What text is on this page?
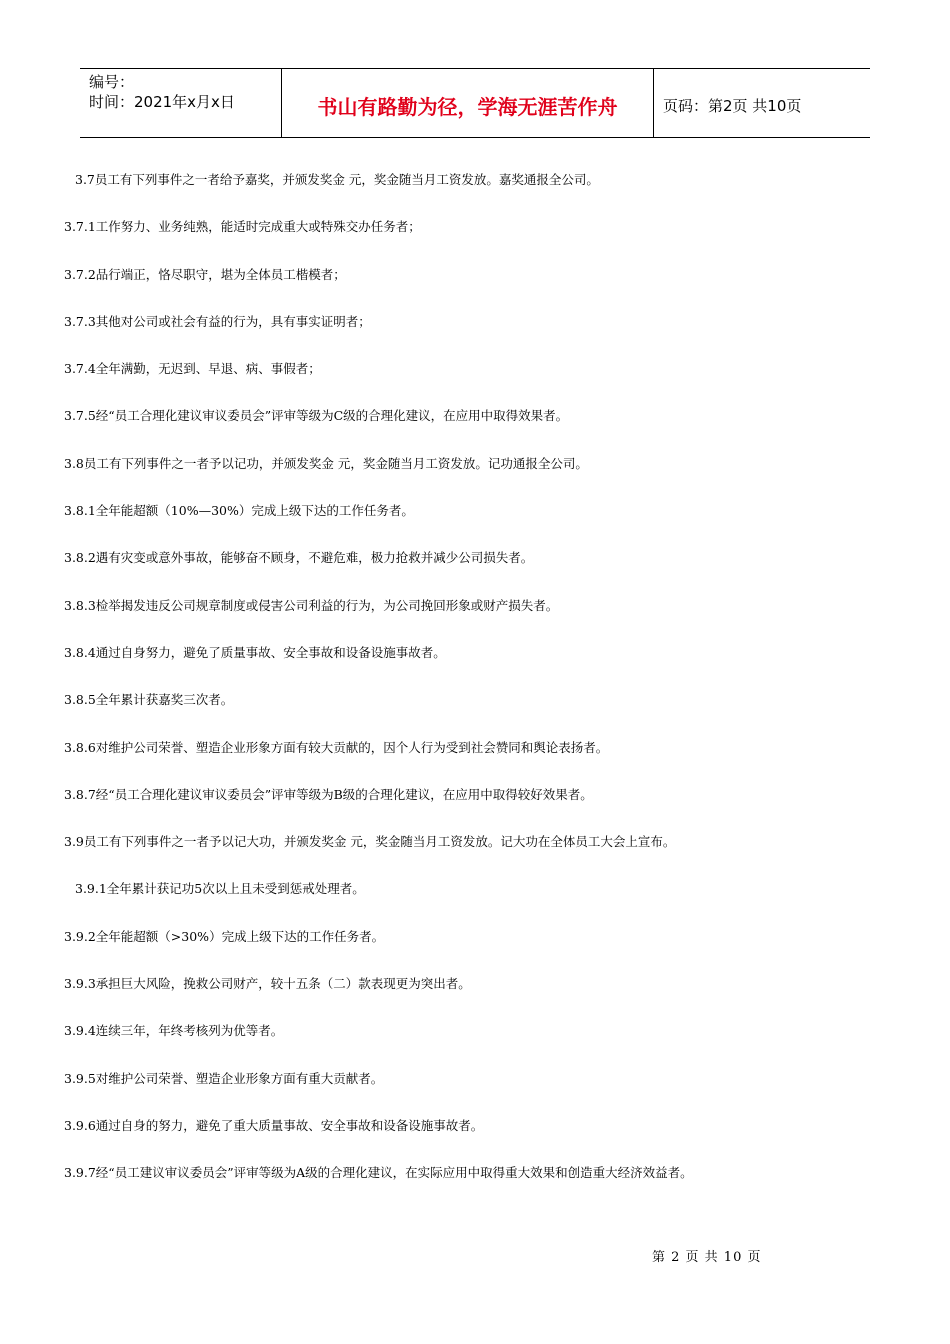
编号：
时间：2021年x月x日	书山有路勤为径，学海无涯苦作舟	页码：第2页 共10页
3.7员工有下列事件之一者给予嘉奖，并颁发奖金 元，奖金随当月工资发放。嘉奖通报全公司。
3.7.1工作努力、业务纯熟，能适时完成重大或特殊交办任务者；
3.7.2品行端正，恪尽职守，堪为全体员工楷模者；
3.7.3其他对公司或社会有益的行为，具有事实证明者；
3.7.4全年满勤，无迟到、早退、病、事假者；
3.7.5经“员工合理化建议审议委员会”评审等级为C级的合理化建议，在应用中取得效果者。
3.8员工有下列事件之一者予以记功，并颁发奖金 元，奖金随当月工资发放。记功通报全公司。
3.8.1全年能超额（10%—30%）完成上级下达的工作任务者。
3.8.2遇有灾变或意外事故，能够奋不顾身，不避危难，极力抢救并减少公司损失者。
3.8.3检举揭发违反公司规章制度或侵害公司利益的行为，为公司挽回形象或财产损失者。
3.8.4通过自身努力，避免了质量事故、安全事故和设备设施事故者。
3.8.5全年累计获嘉奖三次者。
3.8.6对维护公司荣誉、塑造企业形象方面有较大贡献的，因个人行为受到社会赞同和舆论表扬者。
3.8.7经“员工合理化建议审议委员会”评审等级为B级的合理化建议，在应用中取得较好效果者。
3.9员工有下列事件之一者予以记大功，并颁发奖金 元，奖金随当月工资发放。记大功在全体员工大会上宣布。
3.9.1全年累计获记功5次以上且未受到惩戒处理者。
3.9.2全年能超额（>30%）完成上级下达的工作任务者。
3.9.3承担巨大风险，挽救公司财产，较十五条（二）款表现更为突出者。
3.9.4连续三年，年终考核列为优等者。
3.9.5对维护公司荣誉、塑造企业形象方面有重大贡献者。
3.9.6通过自身的努力，避免了重大质量事故、安全事故和设备设施事故者。
3.9.7经“员工建议审议委员会”评审等级为A级的合理化建议，在实际应用中取得重大效果和创造重大经济效益者。
第 2 页 共 10 页
